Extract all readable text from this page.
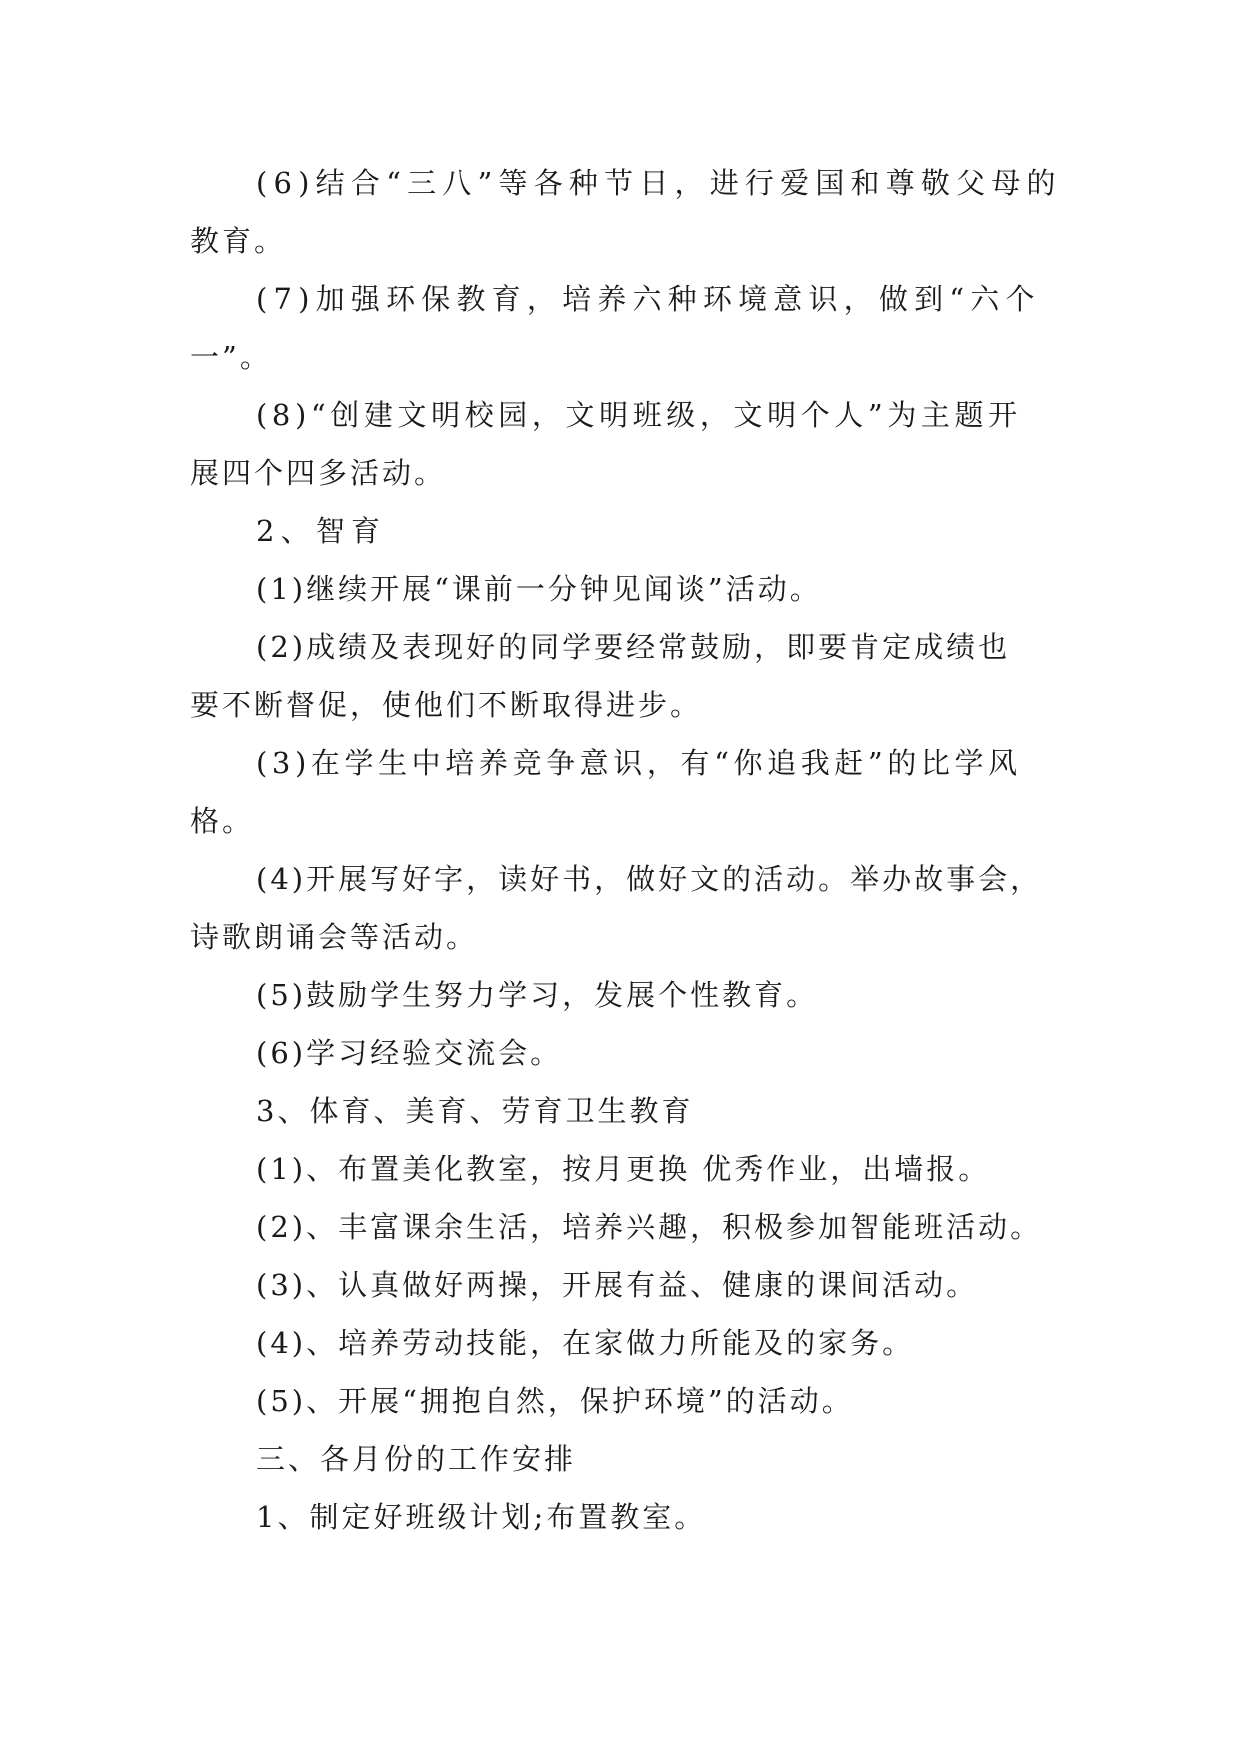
(6)结合“三八”等各种节日，进行爱国和尊敬父母的
教育。
(7)加强环保教育，培养六种环境意识，做到“六个
一”。
(8)“创建文明校园，文明班级，文明个人”为主题开
展四个四多活动。
2、智育
(1)继续开展“课前一分钟见闻谈”活动。
(2)成绩及表现好的同学要经常鼓励，即要肯定成绩也
要不断督促，使他们不断取得进步。
(3)在学生中培养竞争意识，有“你追我赶”的比学风
格。
(4)开展写好字，读好书，做好文的活动。举办故事会，
诗歌朗诵会等活动。
(5)鼓励学生努力学习，发展个性教育。
(6)学习经验交流会。
3、体育、美育、劳育卫生教育
(1)、布置美化教室，按月更换 优秀作业，出墙报。
(2)、丰富课余生活，培养兴趣，积极参加智能班活动。
(3)、认真做好两操，开展有益、健康的课间活动。
(4)、培养劳动技能，在家做力所能及的家务。
(5)、开展“拥抱自然，保护环境”的活动。
三、各月份的工作安排
1、制定好班级计划;布置教室。
